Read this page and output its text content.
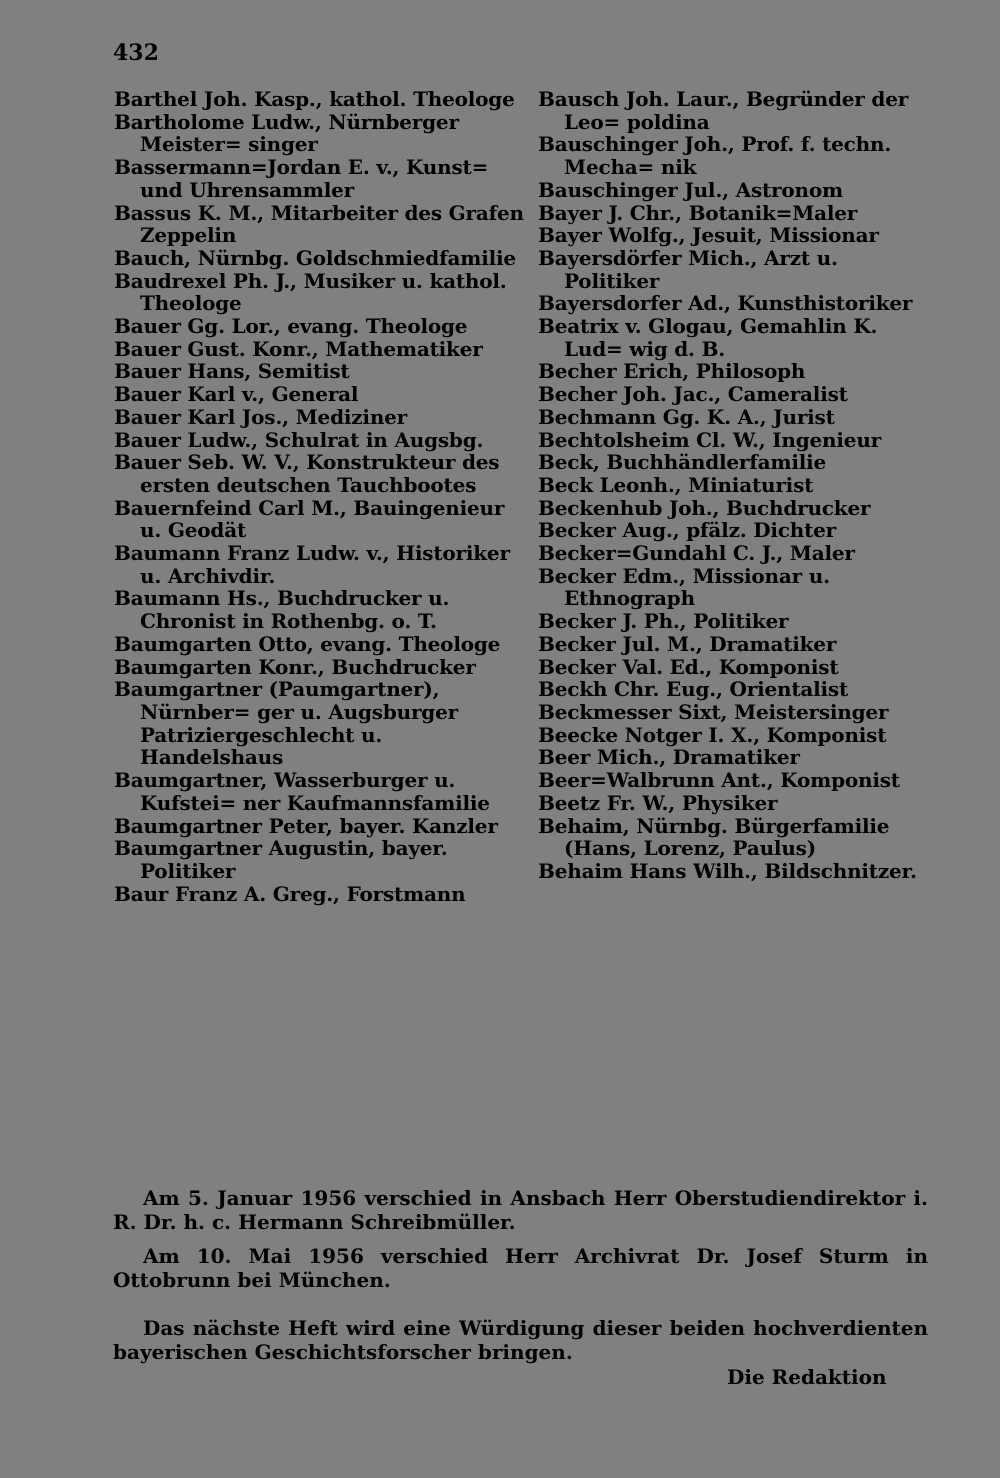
432
Barthel Joh. Kasp., kathol. Theologe
Bartholome Ludw., Nürnberger Meister= singer
Bassermann=Jordan E. v., Kunst= und Uhrensammler
Bassus K. M., Mitarbeiter des Grafen Zeppelin
Bauch, Nürnbg. Goldschmiedfamilie
Baudrexel Ph. J., Musiker u. kathol. Theologe
Bauer Gg. Lor., evang. Theologe
Bauer Gust. Konr., Mathematiker
Bauer Hans, Semitist
Bauer Karl v., General
Bauer Karl Jos., Mediziner
Bauer Ludw., Schulrat in Augsbg.
Bauer Seb. W. V., Konstrukteur des ersten deutschen Tauchbootes
Bauernfeind Carl M., Bauingenieur u. Geodät
Baumann Franz Ludw. v., Historiker u. Archivdir.
Baumann Hs., Buchdrucker u. Chronist in Rothenbg. o. T.
Baumgarten Otto, evang. Theologe
Baumgarten Konr., Buchdrucker
Baumgartner (Paumgartner), Nürnber= ger u. Augsburger Patriziergeschlecht u. Handelshaus
Baumgartner, Wasserburger u. Kufstei= ner Kaufmannsfamilie
Baumgartner Peter, bayer. Kanzler
Baumgartner Augustin, bayer. Politiker
Baur Franz A. Greg., Forstmann
Bausch Joh. Laur., Begründer der Leo= poldina
Bauschinger Joh., Prof. f. techn. Mecha= nik
Bauschinger Jul., Astronom
Bayer J. Chr., Botanik=Maler
Bayer Wolfg., Jesuit, Missionar
Bayersdörfer Mich., Arzt u. Politiker
Bayersdorfer Ad., Kunsthistoriker
Beatrix v. Glogau, Gemahlin K. Lud= wig d. B.
Becher Erich, Philosoph
Becher Joh. Jac., Cameralist
Bechmann Gg. K. A., Jurist
Bechtolsheim Cl. W., Ingenieur
Beck, Buchhändlerfamilie
Beck Leonh., Miniaturist
Beckenhub Joh., Buchdrucker
Becker Aug., pfälz. Dichter
Becker=Gundahl C. J., Maler
Becker Edm., Missionar u. Ethnograph
Becker J. Ph., Politiker
Becker Jul. M., Dramatiker
Becker Val. Ed., Komponist
Beckh Chr. Eug., Orientalist
Beckmesser Sixt, Meistersinger
Beecke Notger I. X., Komponist
Beer Mich., Dramatiker
Beer=Walbrunn Ant., Komponist
Beetz Fr. W., Physiker
Behaim, Nürnbg. Bürgerfamilie (Hans, Lorenz, Paulus)
Behaim Hans Wilh., Bildschnitzer.

Am 5. Januar 1956 verschied in Ansbach Herr Oberstudiendirektor i. R. Dr. h. c. Hermann Schreibmüller.

Am 10. Mai 1956 verschied Herr Archivrat Dr. Josef Sturm in Ottobrunn bei München.

Das nächste Heft wird eine Würdigung dieser beiden hochverdienten bayerischen Geschichtsforscher bringen.

Die Redaktion
